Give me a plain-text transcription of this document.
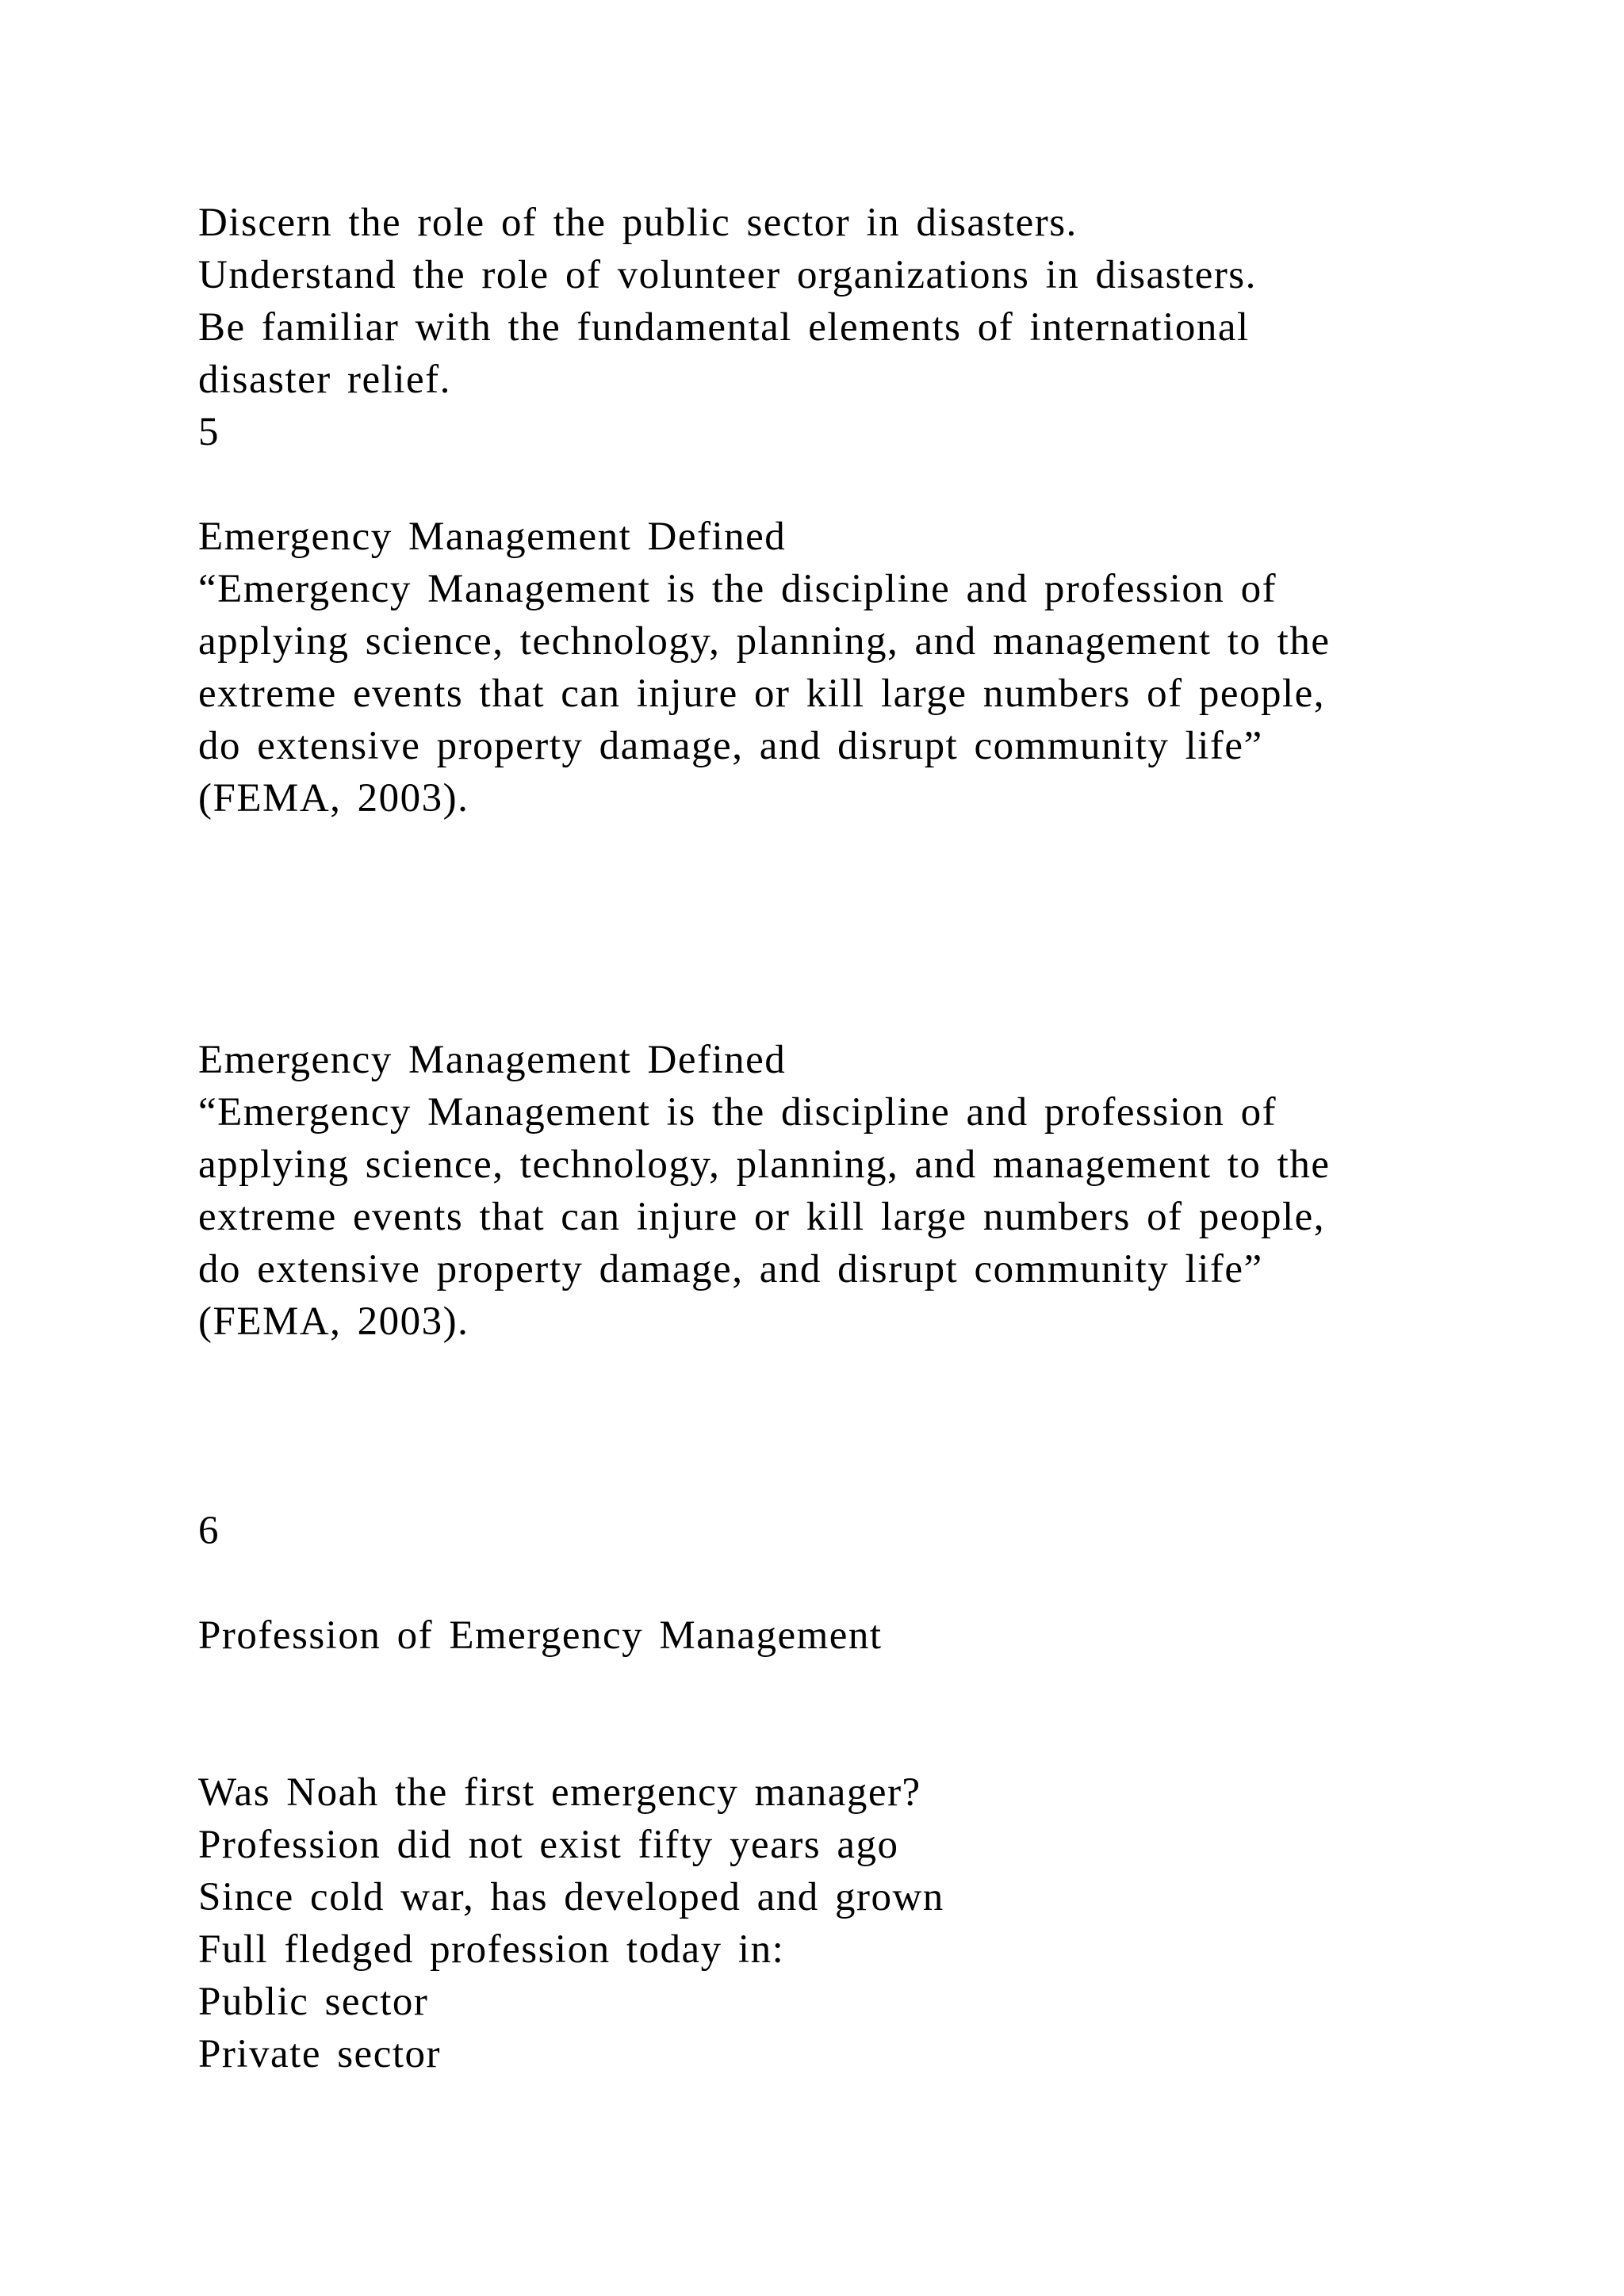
Discern the role of the public sector in disasters.
Understand the role of volunteer organizations in disasters.
Be familiar with the fundamental elements of international
disaster relief.
5
Emergency Management Defined
“Emergency Management is the discipline and profession of
applying science, technology, planning, and management to the
extreme events that can injure or kill large numbers of people,
do extensive property damage, and disrupt community life”
(FEMA, 2003).
Emergency Management Defined
“Emergency Management is the discipline and profession of
applying science, technology, planning, and management to the
extreme events that can injure or kill large numbers of people,
do extensive property damage, and disrupt community life”
(FEMA, 2003).
6
Profession of Emergency Management
Was Noah the first emergency manager?
Profession did not exist fifty years ago
Since cold war, has developed and grown
Full fledged profession today in:
Public sector
Private sector
